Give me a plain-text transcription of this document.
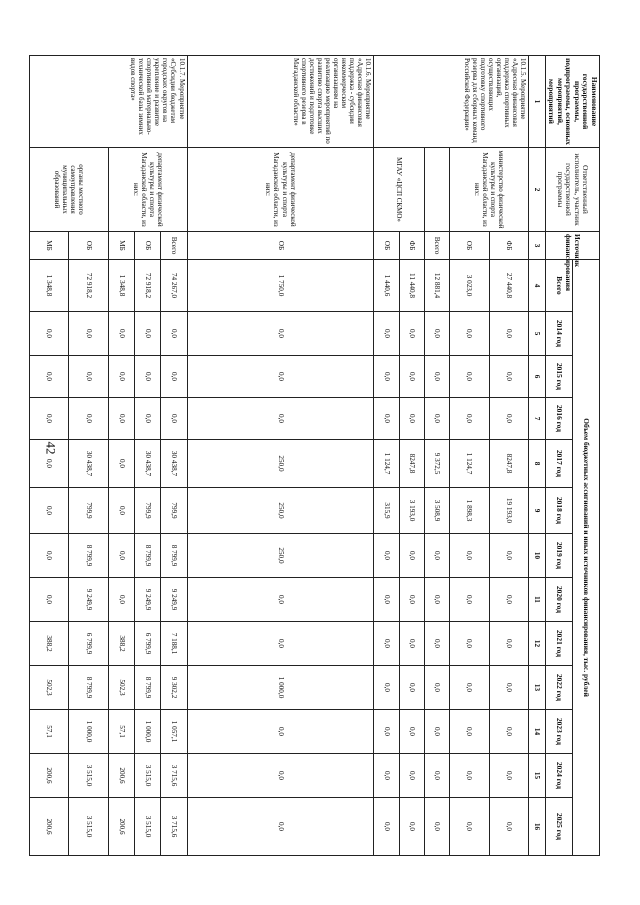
42
Наименование государственной программы, подпрограммы, основных мероприятий, мероприятий	Ответственный исполнитель, участник государственной программы	Источник финансирования	Объем бюджетных ассигнований и иных источников финансирования, тыс. рублей												
			Всего	2014 год	2015 год	2016 год	2017 год	2018 год	2019 год	2020 год	2021 год	2022 год	2023 год	2024 год	2025 год
1	2	3	4	5	6	7	8	9	10	11	12	13	14	15	16
10.1.5. Мероприятие «Адресная финансовая поддержка спортивных организаций, осуществляющих подготовку спортивного резерва для сборных команд Российской Федерации»	министерство физической культуры и спорта Магаданской области, из них:	ФБ	27 440,8	0,0	0,0	0,0	8247,8	19 193,0	0,0	0,0	0,0	0,0	0,0	0,0	0,0
		ОБ	3 023,0	0,0	0,0	0,0	1 124,7	1 898,3	0,0	0,0	0,0	0,0	0,0	0,0	0,0
		Всего	12 881,4	0,0	0,0	0,0	9 372,5	3 508,9	0,0	0,0	0,0	0,0	0,0	0,0	0,0
	МГАУ «ЦСП СКМО»	ФБ	11 440,8	0,0	0,0	0,0	8247,8	3 193,0	0,0	0,0	0,0	0,0	0,0	0,0	0,0
		ОБ	1 440,6	0,0	0,0	0,0	1 124,7	315,9	0,0	0,0	0,0	0,0	0,0	0,0	0,0
10.1.6. Мероприятие «Адресная финансовая поддержка - субсидии некоммерческим организациям на реализацию мероприятий по развитию спорта высших достижений и подготовке спортивного резерва в Магаданской области»	департамент физической культуры и спорта Магаданской области, из них:	ОБ	1 750,0	0,0	0,0	0,0	250,0	250,0	250,0	0,0	0,0	1 000,0	0,0	0,0	0,0
10.1.7. Мероприятие «Субсидии бюджетам городских округов на укрепление и развитие спортивной материально-технической базы зимних видов спорта»	департамент физической культуры и спорта Магаданской области, из них:	Всего	74 267,0	0,0	0,0	0,0	30 438,7	799,9	8 799,9	9 249,9	7 188,1	9 302,2	1 057,1	3 715,6	3 715,6
		ОБ	72 918,2	0,0	0,0	0,0	30 438,7	799,9	8 799,9	9 249,9	6 799,9	8 799,9	1 000,0	3 515,0	3 515,0
		МБ	1 348,8	0,0	0,0	0,0	0,0	0,0	0,0	0,0	388,2	502,3	57,1	200,6	200,6
	органы местного самоуправления муниципальных образований	ОБ	72 918,2	0,0	0,0	0,0	30 438,7	799,9	8 799,9	9 249,9	6 799,9	8 799,9	1 000,0	3 515,0	3 515,0
		МБ	1 348,8	0,0	0,0	0,0	0,0	0,0	0,0	0,0	388,2	502,3	57,1	200,6	200,6
